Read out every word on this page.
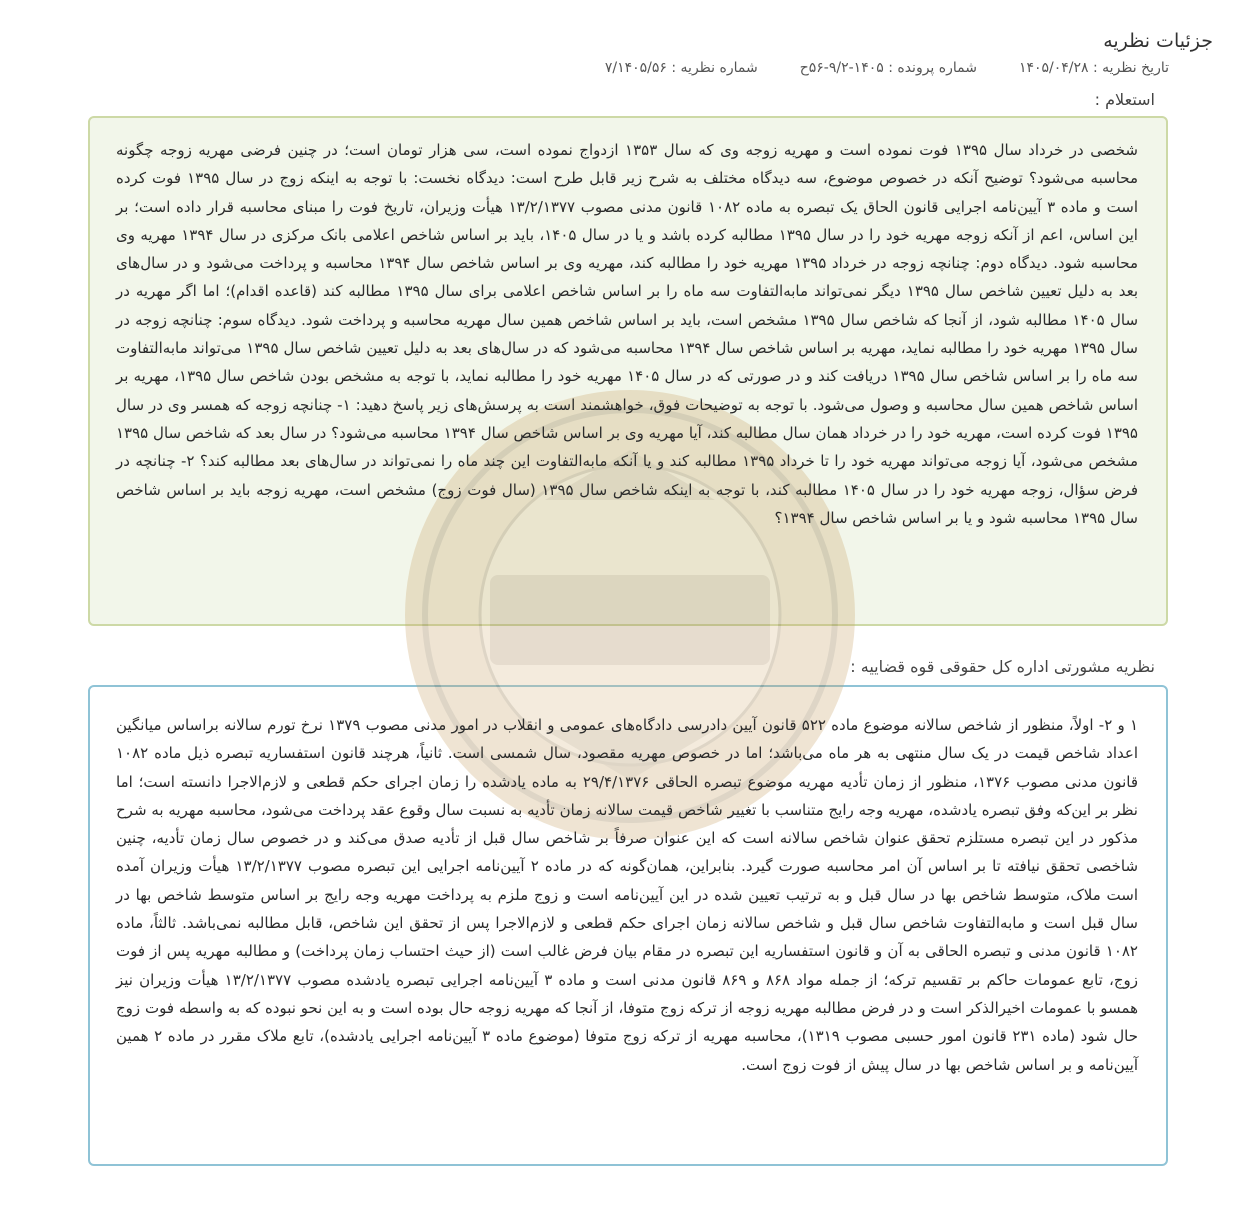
جزئیات نظریه
تاریخ نظریه : ۱۴۰۵/۰۴/۲۸
شماره پرونده : ۱۴۰۵-۹/۲-۵۶ح
شماره نظریه : ۷/۱۴۰۵/۵۶
استعلام :

شخصی در خرداد سال ۱۳۹۵ فوت نموده است و مهریه زوجه وی که سال ۱۳۵۳ ازدواج نموده است، سی هزار تومان است؛ در چنین فرضی مهریه زوجه چگونه محاسبه می‌شود؟ توضیح آنکه در خصوص موضوع، سه دیدگاه مختلف به شرح زیر قابل طرح است: دیدگاه نخست: با توجه به اینکه زوج در سال ۱۳۹۵ فوت کرده است و ماده ۳ آیین‌نامه اجرایی قانون الحاق یک تبصره به ماده ۱۰۸۲ قانون مدنی مصوب ۱۳/۲/۱۳۷۷ هیأت وزیران، تاریخ فوت را مبنای محاسبه قرار داده است؛ بر این اساس، اعم از آنکه زوجه مهریه خود را در سال ۱۳۹۵ مطالبه کرده باشد و یا در سال ۱۴۰۵، باید بر اساس شاخص اعلامی بانک مرکزی در سال ۱۳۹۴ مهریه وی محاسبه شود. دیدگاه دوم: چنانچه زوجه در خرداد ۱۳۹۵ مهریه خود را مطالبه کند، مهریه وی بر اساس شاخص سال ۱۳۹۴ محاسبه و پرداخت می‌شود و در سال‌های بعد به دلیل تعیین شاخص سال ۱۳۹۵ دیگر نمی‌تواند مابه‌التفاوت سه ماه را بر اساس شاخص اعلامی برای سال ۱۳۹۵ مطالبه کند (قاعده اقدام)؛ اما اگر مهریه در سال ۱۴۰۵ مطالبه شود، از آنجا که شاخص سال ۱۳۹۵ مشخص است، باید بر اساس شاخص همین سال مهریه محاسبه و پرداخت شود. دیدگاه سوم: چنانچه زوجه در سال ۱۳۹۵ مهریه خود را مطالبه نماید، مهریه بر اساس شاخص سال ۱۳۹۴ محاسبه می‌شود که در سال‌های بعد به دلیل تعیین شاخص سال ۱۳۹۵ می‌تواند مابه‌التفاوت سه ماه را بر اساس شاخص سال ۱۳۹۵ دریافت کند و در صورتی که در سال ۱۴۰۵ مهریه خود را مطالبه نماید، با توجه به مشخص بودن شاخص سال ۱۳۹۵، مهریه بر اساس شاخص همین سال محاسبه و وصول می‌شود. با توجه به توضیحات فوق، خواهشمند است به پرسش‌های زیر پاسخ دهید: ۱- چنانچه زوجه که همسر وی در سال ۱۳۹۵ فوت کرده است، مهریه خود را در خرداد همان سال مطالبه کند، آیا مهریه وی بر اساس شاخص سال ۱۳۹۴ محاسبه می‌شود؟ در سال بعد که شاخص سال ۱۳۹۵ مشخص می‌شود، آیا زوجه می‌تواند مهریه خود را تا خرداد ۱۳۹۵ مطالبه کند و یا آنکه مابه‌التفاوت این چند ماه را نمی‌تواند در سال‌های بعد مطالبه کند؟ ۲- چنانچه در فرض سؤال، زوجه مهریه خود را در سال ۱۴۰۵ مطالبه کند، با توجه به اینکه شاخص سال ۱۳۹۵ (سال فوت زوج) مشخص است، مهریه زوجه باید بر اساس شاخص سال ۱۳۹۵ محاسبه شود و یا بر اساس شاخص سال ۱۳۹۴؟

نظریه مشورتی اداره کل حقوقی قوه قضاییه :

۱ و ۲- اولاً، منظور از شاخص سالانه موضوع ماده ۵۲۲ قانون آیین دادرسی دادگاه‌های عمومی و انقلاب در امور مدنی مصوب ۱۳۷۹ نرخ تورم سالانه براساس میانگین اعداد شاخص قیمت در یک سال منتهی به هر ماه می‌باشد؛ اما در خصوص مهریه مقصود، سال شمسی است. ثانیاً، هرچند قانون استفساریه تبصره ذیل ماده ۱۰۸۲ قانون مدنی مصوب ۱۳۷۶، منظور از زمان تأدیه مهریه موضوع تبصره الحاقی ۲۹/۴/۱۳۷۶ به ماده یادشده را زمان اجرای حکم قطعی و لازم‌الاجرا دانسته است؛ اما نظر بر این‌که وفق تبصره یادشده، مهریه وجه رایج متناسب با تغییر شاخص قیمت سالانه زمان تأدیه به نسبت سال وقوع عقد پرداخت می‌شود، محاسبه مهریه به شرح مذکور در این تبصره مستلزم تحقق عنوان شاخص سالانه است که این عنوان صرفاً بر شاخص سال قبل از تأدیه صدق می‌کند و در خصوص سال زمان تأدیه، چنین شاخصی تحقق نیافته تا بر اساس آن امر محاسبه صورت گیرد. بنابراین، همان‌گونه که در ماده ۲ آیین‌نامه اجرایی این تبصره مصوب ۱۳/۲/۱۳۷۷ هیأت وزیران آمده است ملاک، متوسط شاخص بها در سال قبل و به ترتیب تعیین شده در این آیین‌نامه است و زوج ملزم به پرداخت مهریه وجه رایج بر اساس متوسط شاخص بها در سال قبل است و مابه‌التفاوت شاخص سال قبل و شاخص سالانه زمان اجرای حکم قطعی و لازم‌الاجرا پس از تحقق این شاخص، قابل مطالبه نمی‌باشد. ثالثاً، ماده ۱۰۸۲ قانون مدنی و تبصره الحاقی به آن و قانون استفساریه این تبصره در مقام بیان فرض غالب است (از حیث احتساب زمان پرداخت) و مطالبه مهریه پس از فوت زوج، تابع عمومات حاکم بر تقسیم ترکه؛ از جمله مواد ۸۶۸ و ۸۶۹ قانون مدنی است و ماده ۳ آیین‌نامه اجرایی تبصره یادشده مصوب ۱۳/۲/۱۳۷۷ هیأت وزیران نیز همسو با عمومات اخیرالذکر است و در فرض مطالبه مهریه زوجه از ترکه زوج متوفا، از آنجا که مهریه زوجه حال بوده است و به این نحو نبوده که به واسطه فوت زوج حال شود (ماده ۲۳۱ قانون امور حسبی مصوب ۱۳۱۹)، محاسبه مهریه از ترکه زوج متوفا (موضوع ماده ۳ آیین‌نامه اجرایی یادشده)، تابع ملاک مقرر در ماده ۲ همین آیین‌نامه و بر اساس شاخص بها در سال پیش از فوت زوج است.
